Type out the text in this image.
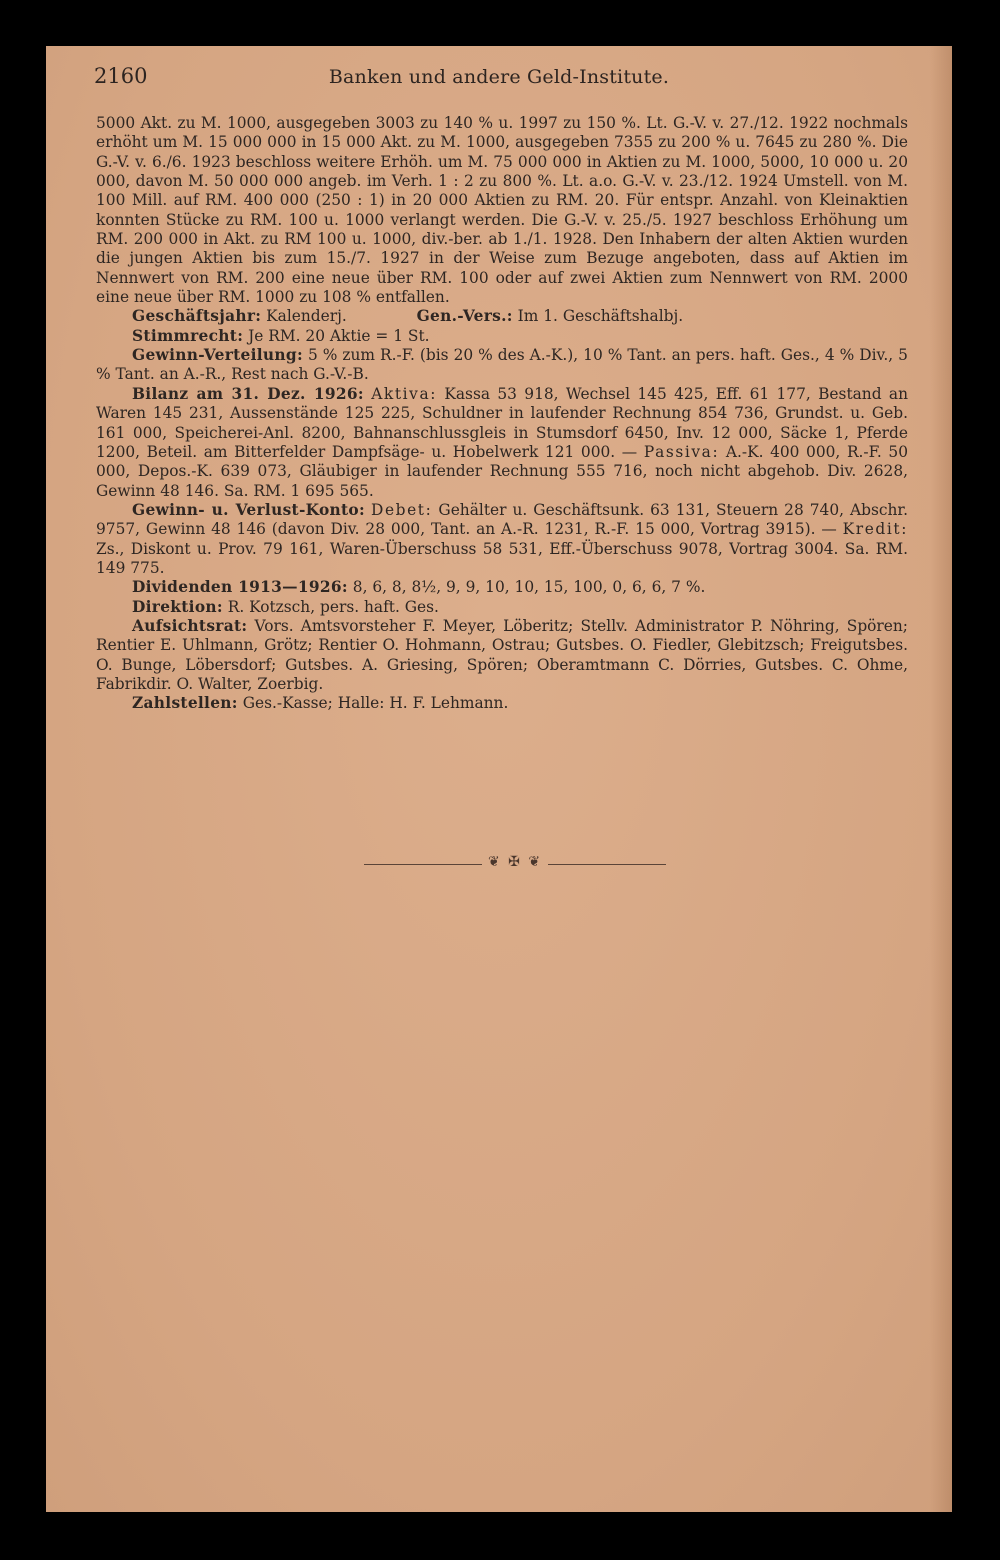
2160	Banken und andere Geld-Institute.

5000 Akt. zu M. 1000, ausgegeben 3003 zu 140 % u. 1997 zu 150 %. Lt. G.-V. v. 27./12. 1922 nochmals erhöht um M. 15 000 000 in 15 000 Akt. zu M. 1000, ausgegeben 7355 zu 200 % u. 7645 zu 280 %. Die G.-V. v. 6./6. 1923 beschloss weitere Erhöh. um M. 75 000 000 in Aktien zu M. 1000, 5000, 10 000 u. 20 000, davon M. 50 000 000 angeb. im Verh. 1 : 2 zu 800 %. Lt. a.o. G.-V. v. 23./12. 1924 Umstell. von M. 100 Mill. auf RM. 400 000 (250 : 1) in 20 000 Aktien zu RM. 20. Für entspr. Anzahl. von Kleinaktien konnten Stücke zu RM. 100 u. 1000 verlangt werden. Die G.-V. v. 25./5. 1927 beschloss Erhöhung um RM. 200 000 in Akt. zu RM 100 u. 1000, div.-ber. ab 1./1. 1928. Den Inhabern der alten Aktien wurden die jungen Aktien bis zum 15./7. 1927 in der Weise zum Bezuge angeboten, dass auf Aktien im Nennwert von RM. 200 eine neue über RM. 100 oder auf zwei Aktien zum Nennwert von RM. 2000 eine neue über RM. 1000 zu 108 % entfallen.

Geschäftsjahr: Kalenderj.	Gen.-Vers.: Im 1. Geschäftshalbj.

Stimmrecht: Je RM. 20 Aktie = 1 St.

Gewinn-Verteilung: 5 % zum R.-F. (bis 20 % des A.-K.), 10 % Tant. an pers. haft. Ges., 4 % Div., 5 % Tant. an A.-R., Rest nach G.-V.-B.

Bilanz am 31. Dez. 1926: Aktiva: Kassa 53 918, Wechsel 145 425, Eff. 61 177, Bestand an Waren 145 231, Aussenstände 125 225, Schuldner in laufender Rechnung 854 736, Grundst. u. Geb. 161 000, Speicherei-Anl. 8200, Bahnanschlussgleis in Stumsdorf 6450, Inv. 12 000, Säcke 1, Pferde 1200, Beteil. am Bitterfelder Dampfsäge- u. Hobelwerk 121 000. — Passiva: A.-K. 400 000, R.-F. 50 000, Depos.-K. 639 073, Gläubiger in laufender Rechnung 555 716, noch nicht abgehob. Div. 2628, Gewinn 48 146. Sa. RM. 1 695 565.

Gewinn- u. Verlust-Konto: Debet: Gehälter u. Geschäftsunk. 63 131, Steuern 28 740, Abschr. 9757, Gewinn 48 146 (davon Div. 28 000, Tant. an A.-R. 1231, R.-F. 15 000, Vortrag 3915). — Kredit: Zs., Diskont u. Prov. 79 161, Waren-Überschuss 58 531, Eff.-Überschuss 9078, Vortrag 3004. Sa. RM. 149 775.

Dividenden 1913—1926: 8, 6, 8, 8½, 9, 9, 10, 10, 15, 100, 0, 6, 6, 7 %.

Direktion: R. Kotzsch, pers. haft. Ges.

Aufsichtsrat: Vors. Amtsvorsteher F. Meyer, Löberitz; Stellv. Administrator P. Nöhring, Spören; Rentier E. Uhlmann, Grötz; Rentier O. Hohmann, Ostrau; Gutsbes. O. Fiedler, Glebitzsch; Freigutsbes. O. Bunge, Löbersdorf; Gutsbes. A. Griesing, Spören; Oberamtmann C. Dörries, Gutsbes. C. Ohme, Fabrikdir. O. Walter, Zoerbig.

Zahlstellen: Ges.-Kasse; Halle: H. F. Lehmann.

❦ ✠ ❦
